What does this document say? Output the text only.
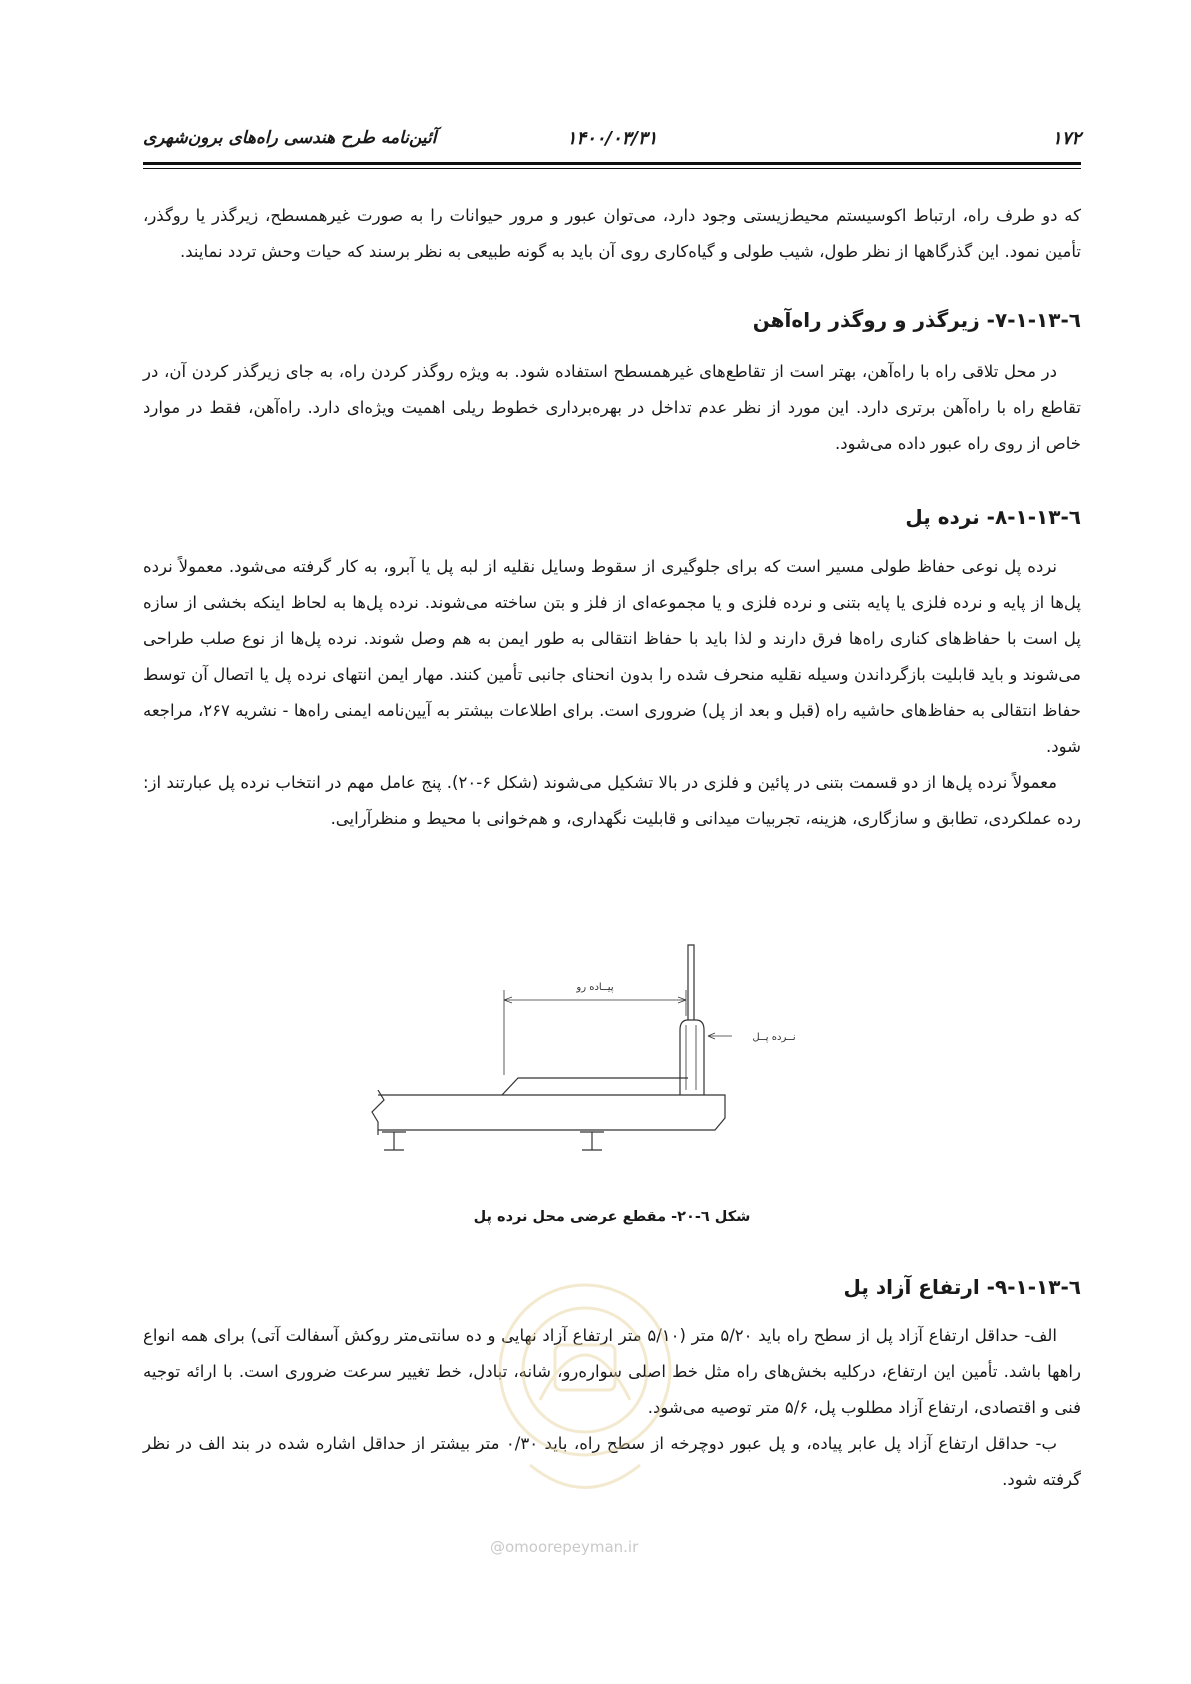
۱۷۲
۱۴۰۰/۰۳/۳۱
آئین‌نامه طرح هندسی راه‌های برون‌شهری

که دو طرف راه، ارتباط اکوسیستم محیط‌زیستی وجود دارد، می‌توان عبور و مرور حیوانات را به صورت غیرهمسطح، زیرگذر یا روگذر، تأمین نمود. این گذرگاهها از نظر طول، شیب طولی و گیاه‌کاری روی آن باید به گونه طبیعی به نظر برسند که حیات وحش تردد نمایند.

٦-١٣-١-٧- زیرگذر و روگذر راه‌آهن

در محل تلاقی راه با راه‌آهن، بهتر است از تقاطع‌های غیرهمسطح استفاده شود. به ویژه روگذر کردن راه، به جای زیرگذر کردن آن، در تقاطع راه با راه‌آهن برتری دارد. این مورد از نظر عدم تداخل در بهره‌برداری خطوط ریلی اهمیت ویژه‌ای دارد. راه‌آهن، فقط در موارد خاص از روی راه عبور داده می‌شود.

٦-١٣-١-٨- نرده پل

نرده پل نوعی حفاظ طولی مسیر است که برای جلوگیری از سقوط وسایل نقلیه از لبه پل یا آبرو، به کار گرفته می‌شود. معمولاً نرده پل‌ها از پایه و نرده فلزی یا پایه بتنی و نرده فلزی و یا مجموعه‌ای از فلز و بتن ساخته می‌شوند. نرده پل‌ها به لحاظ اینکه بخشی از سازه پل است با حفاظ‌های کناری راه‌ها فرق دارند و لذا باید با حفاظ انتقالی به طور ایمن به هم وصل شوند. نرده پل‌ها از نوع صلب طراحی می‌شوند و باید قابلیت بازگرداندن وسیله نقلیه منحرف شده را بدون انحنای جانبی تأمین کنند. مهار ایمن انتهای نرده پل یا اتصال آن توسط حفاظ انتقالی به حفاظ‌های حاشیه راه (قبل و بعد از پل) ضروری است. برای اطلاعات بیشتر به آیین‌نامه ایمنی راه‌ها - نشریه ۲۶۷، مراجعه شود.

معمولاً نرده پل‌ها از دو قسمت بتنی در پائین و فلزی در بالا تشکیل می‌شوند (شکل ۶-۲۰). پنج عامل مهم در انتخاب نرده پل عبارتند از: رده عملکردی، تطابق و سازگاری، هزینه، تجربیات میدانی و قابلیت نگهداری، و هم‌خوانی با محیط و منظرآرایی.

پیــاده رو
نــرده پــل
شکل ٦-٢٠- مقطع عرضی محل نرده پل

٦-١٣-١-٩- ارتفاع آزاد پل

الف- حداقل ارتفاع آزاد پل از سطح راه باید ۵/۲۰ متر (۵/۱۰ متر ارتفاع آزاد نهایی و ده سانتی‌متر روکش آسفالت آتی) برای همه انواع راهها باشد. تأمین این ارتفاع، درکلیه بخش‌های راه مثل خط اصلی سواره‌رو، شانه، تبادل، خط تغییر سرعت ضروری است. با ارائه توجیه فنی و اقتصادی، ارتفاع آزاد مطلوب پل، ۵/۶ متر توصیه می‌شود.

ب- حداقل ارتفاع آزاد پل عابر پیاده، و پل عبور دوچرخه از سطح راه، باید ۰/۳۰ متر بیشتر از حداقل اشاره شده در بند الف در نظر گرفته شود.

@omoorepeyman.ir
